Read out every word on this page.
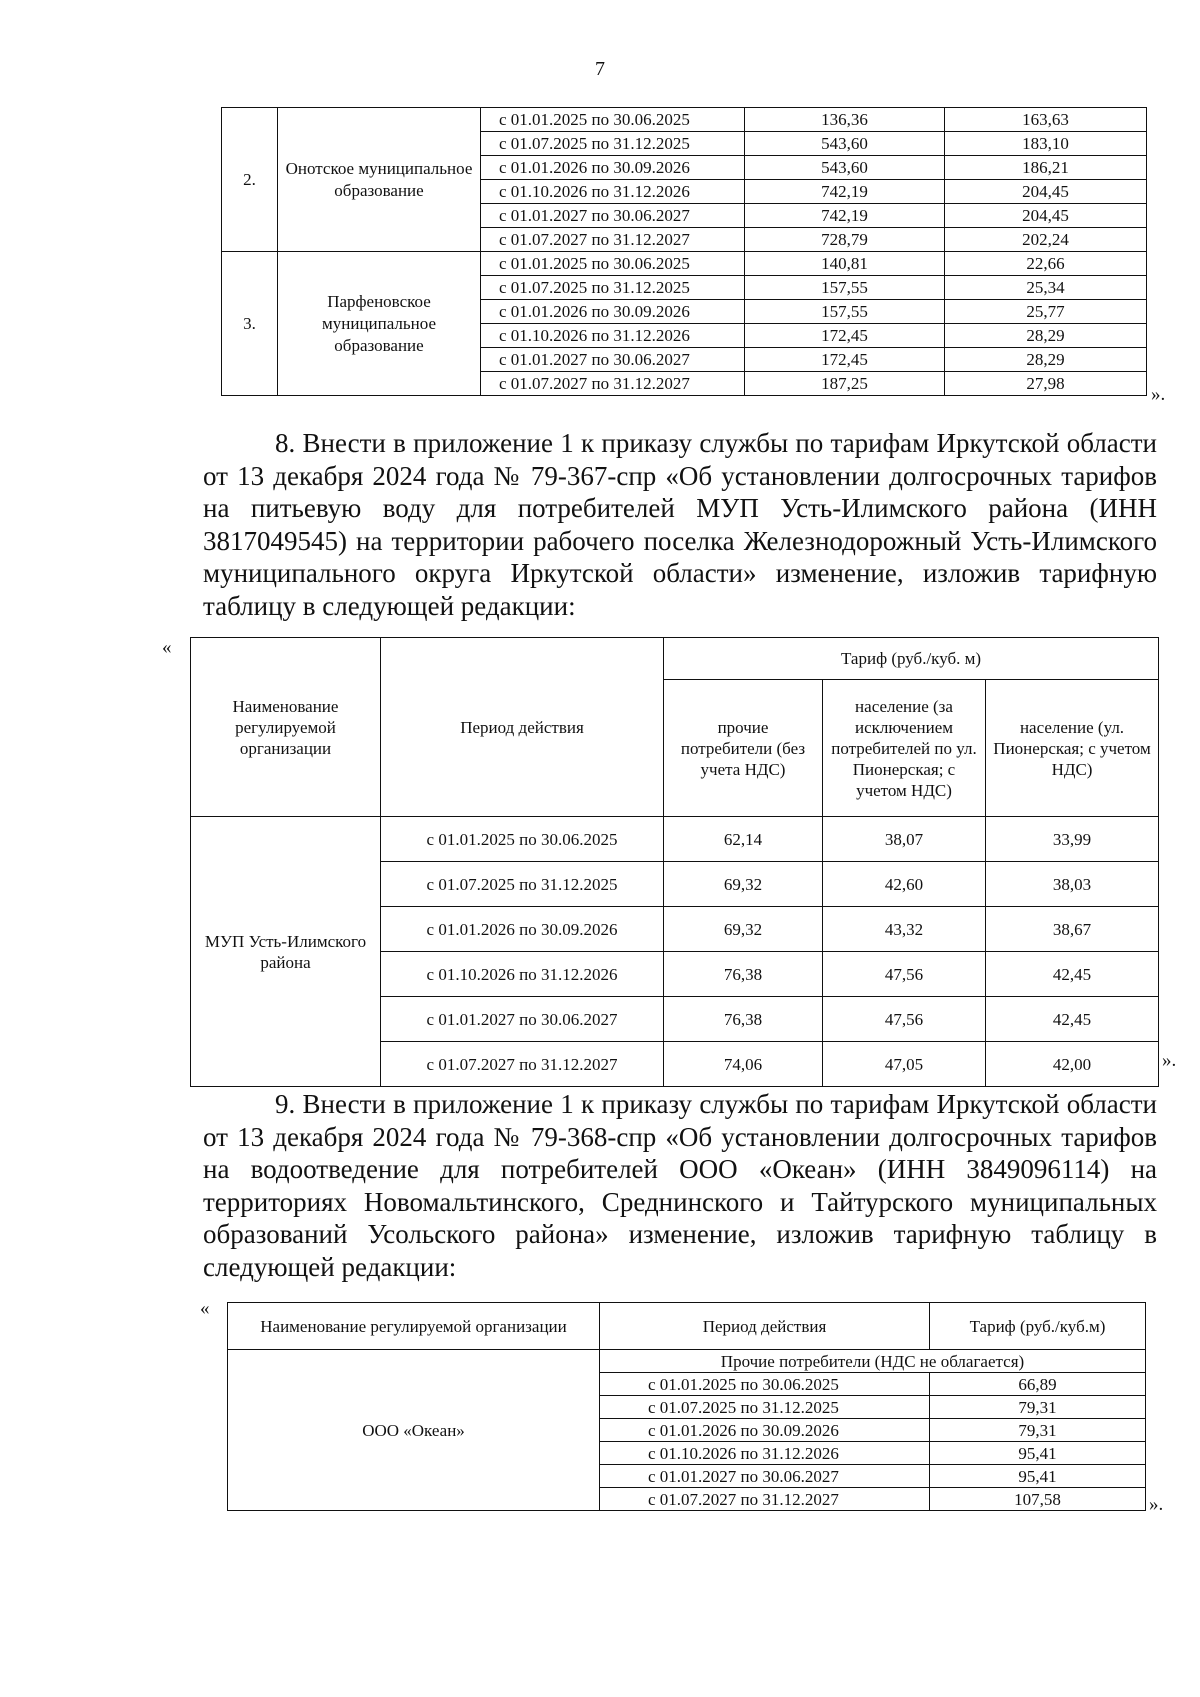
7
2.	Онотское муниципальное образование	с 01.01.2025 по 30.06.2025	136,36	163,63
		с 01.07.2025 по 31.12.2025	543,60	183,10
		с 01.01.2026 по 30.09.2026	543,60	186,21
		с 01.10.2026 по 31.12.2026	742,19	204,45
		с 01.01.2027 по 30.06.2027	742,19	204,45
		с 01.07.2027 по 31.12.2027	728,79	202,24
3.	Парфеновское муниципальное образование	с 01.01.2025 по 30.06.2025	140,81	22,66
		с 01.07.2025 по 31.12.2025	157,55	25,34
		с 01.01.2026 по 30.09.2026	157,55	25,77
		с 01.10.2026 по 31.12.2026	172,45	28,29
		с 01.01.2027 по 30.06.2027	172,45	28,29
		с 01.07.2027 по 31.12.2027	187,25	27,98
».
8. Внести в приложение 1 к приказу службы по тарифам Иркутской области от 13 декабря 2024 года № 79-367-спр «Об установлении долгосрочных тарифов на питьевую воду для потребителей МУП Усть-Илимского района (ИНН 3817049545) на территории рабочего поселка Железнодорожный Усть-Илимского муниципального округа Иркутской области» изменение, изложив тарифную таблицу в следующей редакции:
«
Наименование регулируемой организации	Период действия	Тариф (руб./куб. м)		
		прочие потребители (без учета НДС)	население (за исключением потребителей по ул. Пионерская; с учетом НДС)	население (ул. Пионерская; с учетом НДС)
МУП Усть-Илимского района	с 01.01.2025 по 30.06.2025	62,14	38,07	33,99
	с 01.07.2025 по 31.12.2025	69,32	42,60	38,03
	с 01.01.2026 по 30.09.2026	69,32	43,32	38,67
	с 01.10.2026 по 31.12.2026	76,38	47,56	42,45
	с 01.01.2027 по 30.06.2027	76,38	47,56	42,45
	с 01.07.2027 по 31.12.2027	74,06	47,05	42,00	».
9. Внести в приложение 1 к приказу службы по тарифам Иркутской области от 13 декабря 2024 года № 79-368-спр «Об установлении долгосрочных тарифов на водоотведение для потребителей ООО «Океан» (ИНН 3849096114) на территориях Новомальтинского, Среднинского и Тайтурского муниципальных образований Усольского района» изменение, изложив тарифную таблицу в следующей редакции:
«
Наименование регулируемой организации	Период действия	Тариф (руб./куб.м)
ООО «Океан»	Прочие потребители (НДС не облагается)	
	с 01.01.2025 по 30.06.2025	66,89
	с 01.07.2025 по 31.12.2025	79,31
	с 01.01.2026 по 30.09.2026	79,31
	с 01.10.2026 по 31.12.2026	95,41
	с 01.01.2027 по 30.06.2027	95,41
	с 01.07.2027 по 31.12.2027	107,58	».
